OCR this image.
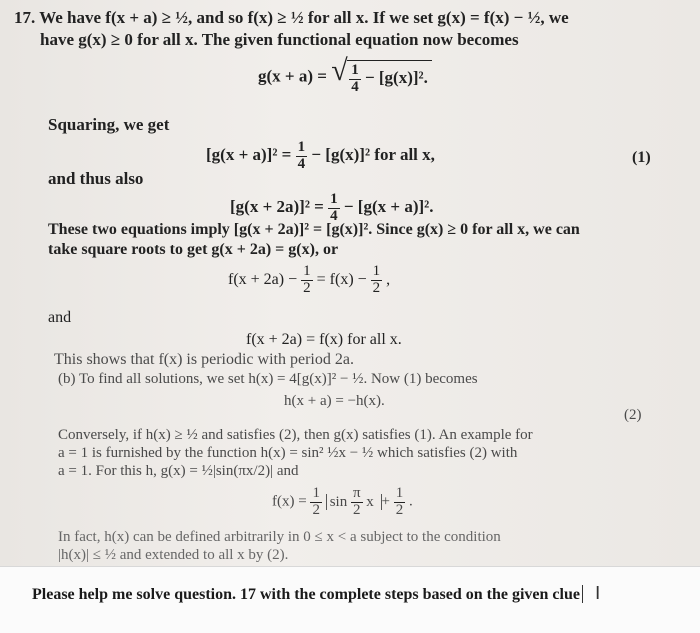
17. We have f(x + a) ≥ ½, and so f(x) ≥ ½ for all x. If we set g(x) = f(x) − ½, we
have g(x) ≥ 0 for all x. The given functional equation now becomes
g(x + a) = √ $\frac{1}{4} - [g(x)]^2$.
Squaring, we get
$[g(x + a)]^2 = \frac{1}{4} - [g(x)]^2$ for all x,	(1)
and thus also
$[g(x + 2a)]^2 = \frac{1}{4} - [g(x + a)]^2$.
These two equations imply [g(x + 2a)]² = [g(x)]². Since g(x) ≥ 0 for all x, we can
take square roots to get g(x + 2a) = g(x), or
$f(x + 2a) - \frac{1}{2} = f(x) - \frac{1}{2}$ ,
and
f(x + 2a) = f(x) for all x.
This shows that f(x) is periodic with period 2a.
(b) To find all solutions, we set h(x) = 4[g(x)]² − ½. Now (1) becomes
h(x + a) = −h(x).
(2)
Conversely, if h(x) ≥ ½ and satisfies (2), then g(x) satisfies (1). An example for
a = 1 is furnished by the function h(x) = sin² ½x − ½ which satisfies (2) with
a = 1. For this h, g(x) = ½|sin(πx/2)| and
$f(x) = \frac{1}{2}$ $\sin \frac{\pi}{2}$ $x + \frac{1}{2}$ .
In fact, h(x) can be defined arbitrarily in 0 ≤ x < a subject to the condition
|h(x)| ≤ ½ and extended to all x by (2).
Please help me solve question. 17 with the complete steps based on the given clue I
